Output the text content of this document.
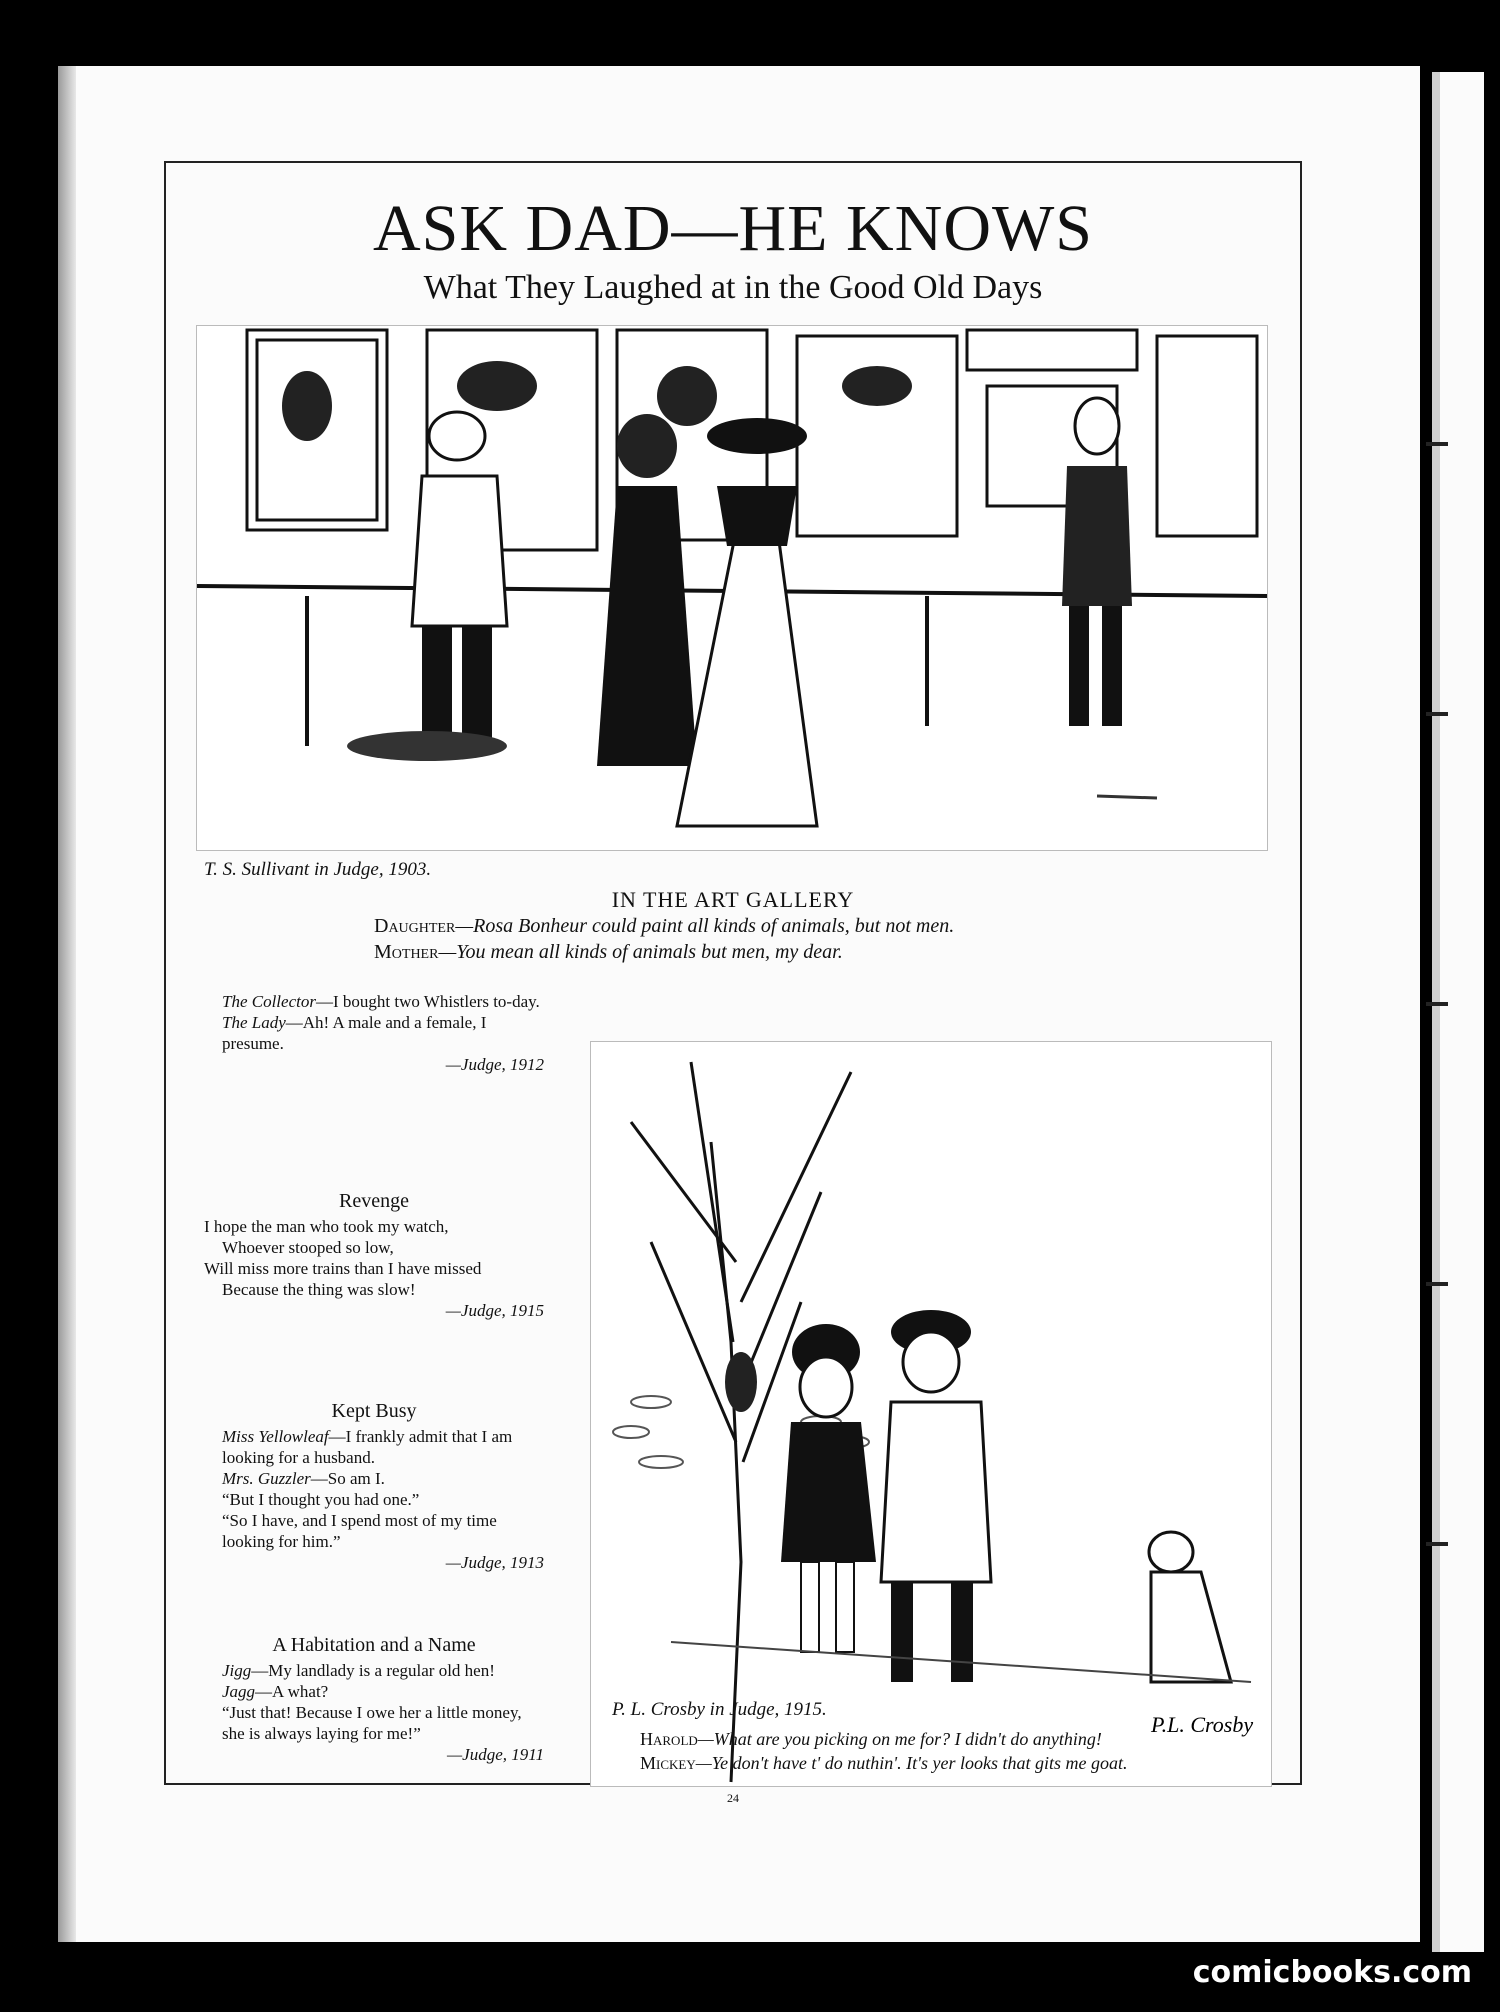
ASK DAD—HE KNOWS
What They Laughed at in the Good Old Days
T. S. Sullivant in Judge, 1903.
IN THE ART GALLERY
Daughter—Rosa Bonheur could paint all kinds of animals, but not men.
Mother—You mean all kinds of animals but men, my dear.

The Collector—I bought two Whistlers to-day.

The Lady—Ah! A male and a female, I presume.

—Judge, 1912

Revenge

I hope the man who took my watch,

Whoever stooped so low,

Will miss more trains than I have missed

Because the thing was slow!

—Judge, 1915

Kept Busy

Miss Yellowleaf—I frankly admit that I am looking for a husband.

Mrs. Guzzler—So am I.

“But I thought you had one.”

“So I have, and I spend most of my time looking for him.”

—Judge, 1913

A Habitation and a Name

Jigg—My landlady is a regular old hen!

Jagg—A what?

“Just that! Because I owe her a little money, she is always laying for me!”

—Judge, 1911

P.L. Crosby
P. L. Crosby in Judge, 1915.
Harold—What are you picking on me for? I didn't do anything!
Mickey—Ye don't have t' do nuthin'. It's yer looks that gits me goat.
24
comicbooks.com
